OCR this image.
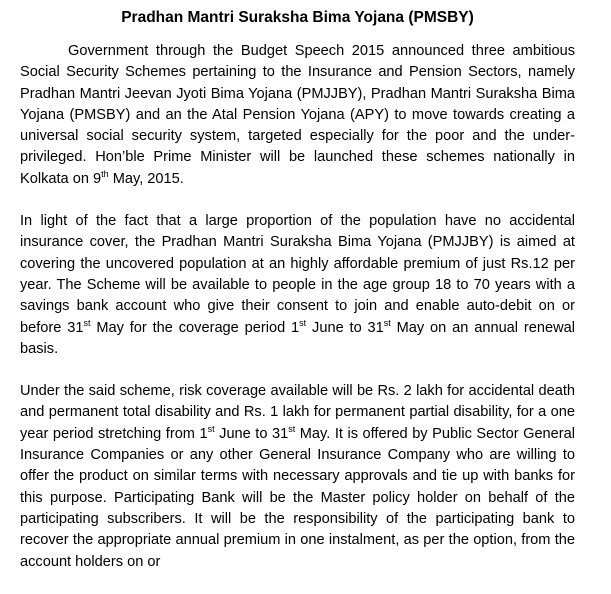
Pradhan Mantri Suraksha Bima Yojana (PMSBY)

Government through the Budget Speech 2015 announced three ambitious Social Security Schemes pertaining to the Insurance and Pension Sectors, namely Pradhan Mantri Jeevan Jyoti Bima Yojana (PMJJBY), Pradhan Mantri Suraksha Bima Yojana (PMSBY) and an the Atal Pension Yojana (APY) to move towards creating a universal social security system, targeted especially for the poor and the under-privileged. Hon’ble Prime Minister will be launched these schemes nationally in Kolkata on 9th May, 2015.

In light of the fact that a large proportion of the population have no accidental insurance cover, the Pradhan Mantri Suraksha Bima Yojana (PMJJBY) is aimed at covering the uncovered population at an highly affordable premium of just Rs.12 per year. The Scheme will be available to people in the age group 18 to 70 years with a savings bank account who give their consent to join and enable auto-debit on or before 31st May for the coverage period 1st June to 31st May on an annual renewal basis.

Under the said scheme, risk coverage available will be Rs. 2 lakh for accidental death and permanent total disability and Rs. 1 lakh for permanent partial disability, for a one year period stretching from 1st June to 31st May. It is offered by Public Sector General Insurance Companies or any other General Insurance Company who are willing to offer the product on similar terms with necessary approvals and tie up with banks for this purpose. Participating Bank will be the Master policy holder on behalf of the participating subscribers. It will be the responsibility of the participating bank to recover the appropriate annual premium in one instalment, as per the option, from the account holders on or
